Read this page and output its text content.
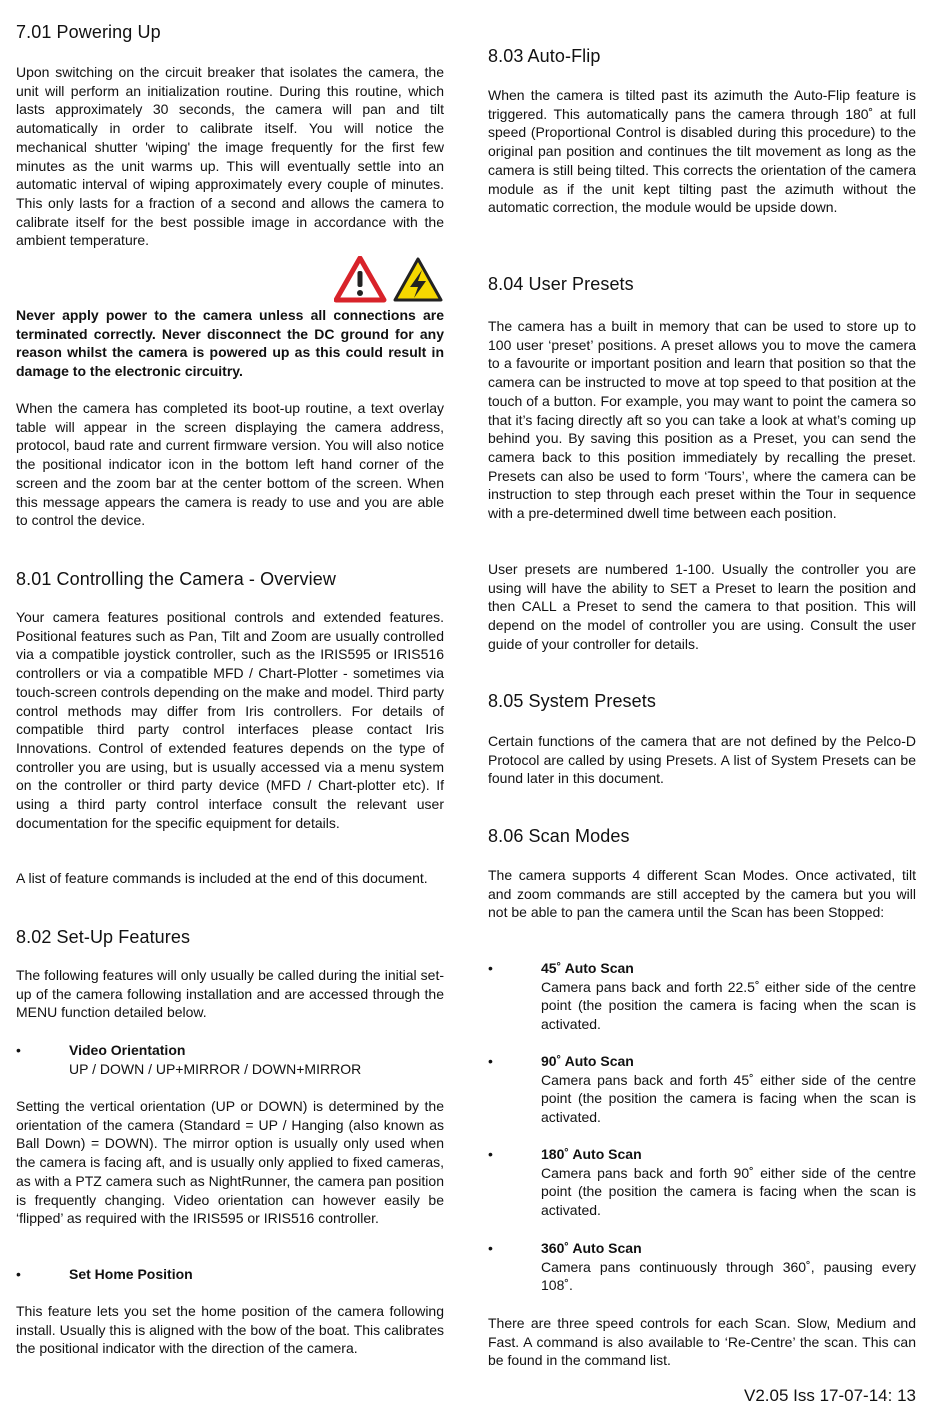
7.01 Powering Up

Upon switching on the circuit breaker that isolates the camera, the unit will perform an initialization routine. During this routine, which lasts approximately 30 seconds, the camera will pan and tilt automatically in order to calibrate itself. You will notice the mechanical shutter 'wiping' the image frequently for the first few minutes as the unit warms up. This will eventually settle into an automatic interval of wiping approximately every couple of minutes. This only lasts for a fraction of a second and allows the camera to calibrate itself for the best possible image in accordance with the ambient temperature.

Never apply power to the camera unless all connections are terminated correctly. Never disconnect the DC ground for any reason whilst the camera is powered up as this could result in damage to the electronic circuitry.

When the camera has completed its boot-up routine, a text overlay table will appear in the screen displaying the camera address, protocol, baud rate and current firmware version. You will also notice the positional indicator icon in the bottom left hand corner of the screen and the zoom bar at the center bottom of the screen. When this message appears the camera is ready to use and you are able to control the device.

8.01 Controlling the Camera - Overview

Your camera features positional controls and extended features. Positional features such as Pan, Tilt and Zoom are usually controlled via a compatible joystick controller, such as the IRIS595 or IRIS516 controllers or via a compatible MFD / Chart-Plotter - sometimes via touch-screen controls depending on the make and model. Third party control methods may differ from Iris controllers. For details of compatible third party control interfaces please contact Iris Innovations. Control of extended features depends on the type of controller you are using, but is usually accessed via a menu system on the controller or third party device (MFD / Chart-plotter etc). If using a third party control interface consult the relevant user documentation for the specific equipment for details.

A list of feature commands is included at the end of this document.

8.02 Set-Up Features

The following features will only usually be called during the initial set-up of the camera following installation and are accessed through the MENU function detailed below.

•	Video Orientation
UP / DOWN / UP+MIRROR / DOWN+MIRROR

Setting the vertical orientation (UP or DOWN) is determined by the orientation of the camera (Standard = UP / Hanging (also known as Ball Down) = DOWN). The mirror option is usually only used when the camera is facing aft, and is usually only applied to fixed cameras, as with a PTZ camera such as NightRunner, the camera pan position is frequently changing. Video orientation can however easily be ‘flipped’ as required with the IRIS595 or IRIS516 controller.

•	Set Home Position

This feature lets you set the home position of the camera following install. Usually this is aligned with the bow of the boat. This calibrates the positional indicator with the direction of the camera.

8.03 Auto-Flip

When the camera is tilted past its azimuth the Auto-Flip feature is triggered. This automatically pans the camera through 180˚ at full speed (Proportional Control is disabled during this procedure) to the original pan position and continues the tilt movement as long as the camera is still being tilted. This corrects the orientation of the camera module as if the unit kept tilting past the azimuth without the automatic correction, the module would be upside down.

8.04 User Presets

The camera has a built in memory that can be used to store up to 100 user ‘preset’ positions. A preset allows you to move the camera to a favourite or important position and learn that position so that the camera can be instructed to move at top speed to that position at the touch of a button. For example, you may want to point the camera so that it’s facing directly aft so you can take a look at what’s coming up behind you. By saving this position as a Preset, you can send the camera back to this position immediately by recalling the preset. Presets can also be used to form ‘Tours’, where the camera can be instruction to step through each preset within the Tour in sequence with a pre-determined dwell time between each position.

User presets are numbered 1-100. Usually the controller you are using will have the ability to SET a Preset to learn the position and then CALL a Preset to send the camera to that position. This will depend on the model of controller you are using. Consult the user guide of your controller for details.

8.05 System Presets

Certain functions of the camera that are not defined by the Pelco-D Protocol are called by using Presets. A list of System Presets can be found later in this document.

8.06 Scan Modes

The camera supports 4 different Scan Modes. Once activated, tilt and zoom commands are still accepted by the camera but you will not be able to pan the camera until the Scan has been Stopped:

•	45˚ Auto Scan
Camera pans back and forth 22.5˚ either side of the centre point (the position the camera is facing when the scan is activated.
•	90˚ Auto Scan
Camera pans back and forth 45˚ either side of the centre point (the position the camera is facing when the scan is activated.
•	180˚ Auto Scan
Camera pans back and forth 90˚ either side of the centre point (the position the camera is facing when the scan is activated.
•	360˚ Auto Scan
Camera pans continuously through 360˚, pausing every 108˚.

There are three speed controls for each Scan. Slow, Medium and Fast. A command is also available to ‘Re-Centre’ the scan. This can be found in the command list.

V2.05 Iss 17-07-14: 13
